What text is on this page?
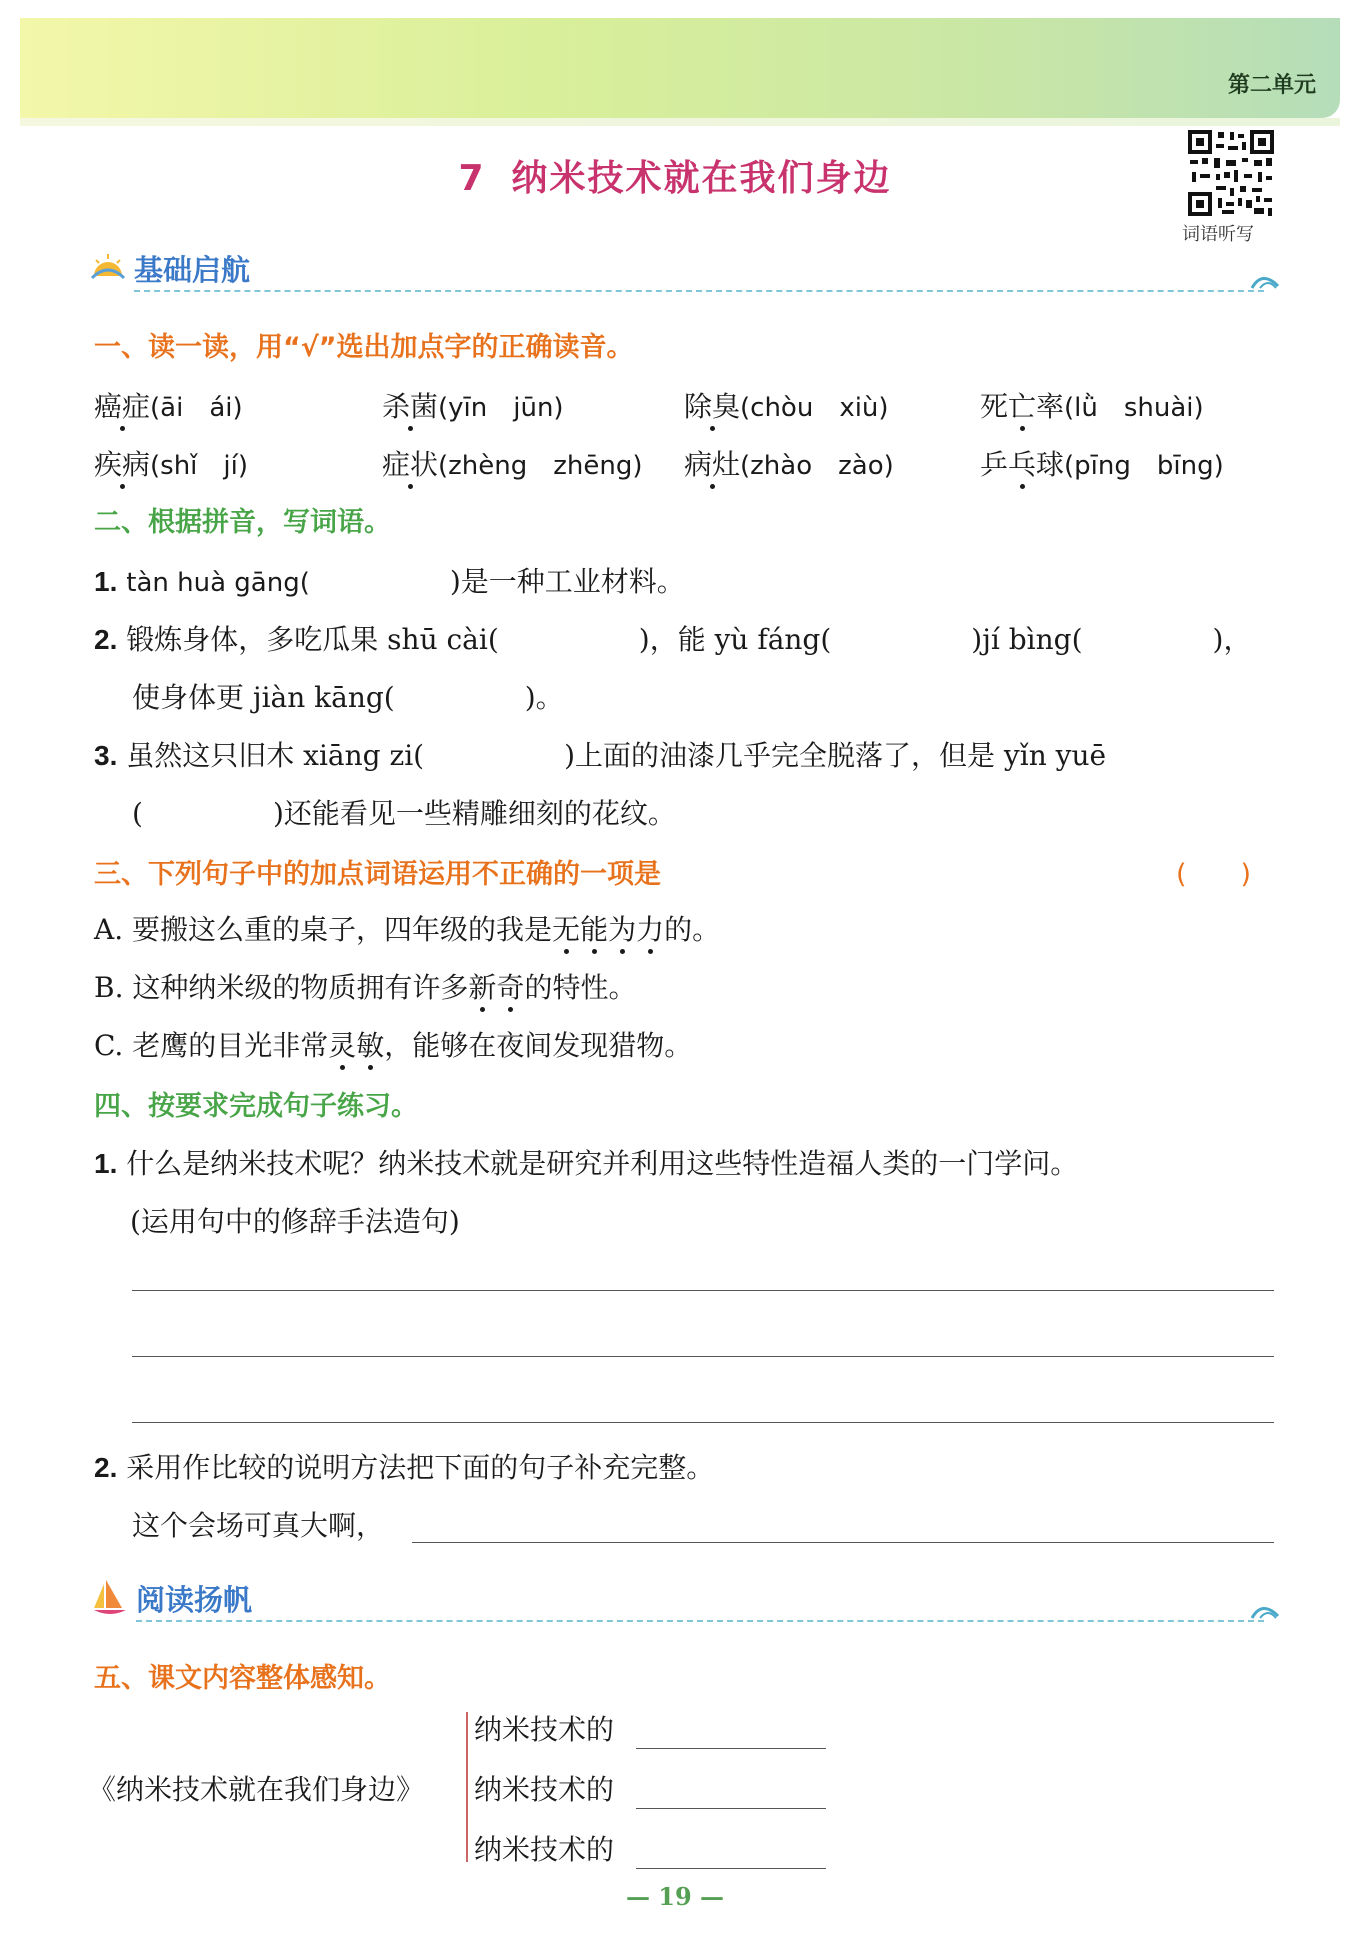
第二单元
7 纳米技术就在我们身边
词语听写
基础启航
一、读一读，用“√”选出加点字的正确读音。
癌症(āi　ái)	杀菌(yīn　jūn)	除臭(chòu　xiù)	死亡率(lǜ　shuài)
疾病(shǐ　jí)	症状(zhèng　zhēng) 病灶(zhào　zào)	乒乓球(pīng　bīng)
二、根据拼音，写词语。
1. tàn huà gāng(	)是一种工业材料。
2. 锻炼身体，多吃瓜果 shū cài(	)，能 yù fáng(	)jí bìng(	)，
使身体更 jiàn kāng(	)。
3. 虽然这只旧木 xiāng zi(	)上面的油漆几乎完全脱落了，但是 yǐn yuē
(	)还能看见一些精雕细刻的花纹。
三、下列句子中的加点词语运用不正确的一项是	(　　)
A. 要搬这么重的桌子，四年级的我是无能为力的。
B. 这种纳米级的物质拥有许多新奇的特性。
C. 老鹰的目光非常灵敏，能够在夜间发现猎物。
四、按要求完成句子练习。
1. 什么是纳米技术呢？纳米技术就是研究并利用这些特性造福人类的一门学问。
(运用句中的修辞手法造句)
2. 采用作比较的说明方法把下面的句子补充完整。
这个会场可真大啊，
阅读扬帆
五、课文内容整体感知。
《纳米技术就在我们身边》
纳米技术的
纳米技术的
纳米技术的
— 19 —
